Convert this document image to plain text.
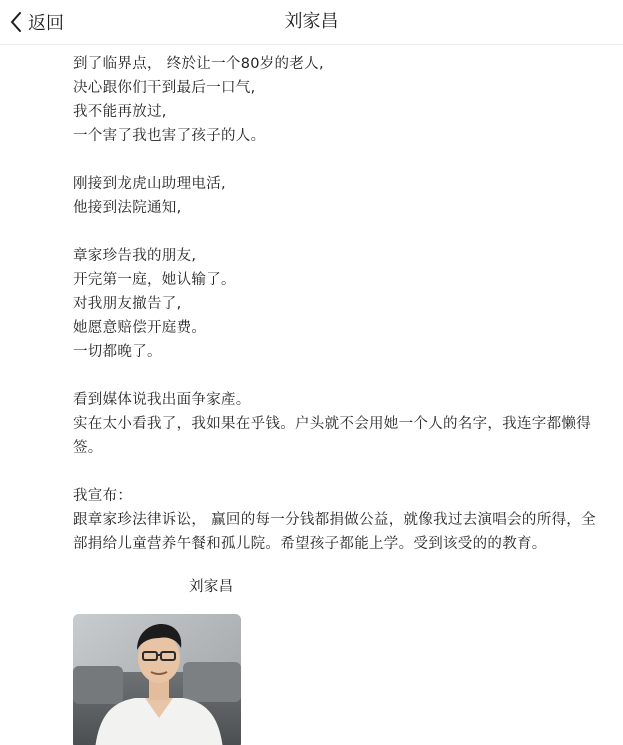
返回	刘家昌
到了临界点， 终於让一个80岁的老人,
决心跟你们干到最后一口气,
我不能再放过,
一个害了我也害了孩子的人。
刚接到龙虎山助理电活,
他接到法院通知,
章家珍告我的朋友,
开完第一庭，她认输了。
对我朋友撤告了,
她愿意赔偿开庭费。
一切都晚了。
看到媒体说我出面争家產。
实在太小看我了，我如果在乎钱。户头就不会用她一个人的名字，我连字都懒得签。
我宣布：
跟章家珍法律诉讼， 赢回的每一分钱都捐做公益，就像我过去演唱会的所得，全部捐给儿童营养午餐和孤儿院。希望孩子都能上学。受到该受的的教育。
刘家昌
